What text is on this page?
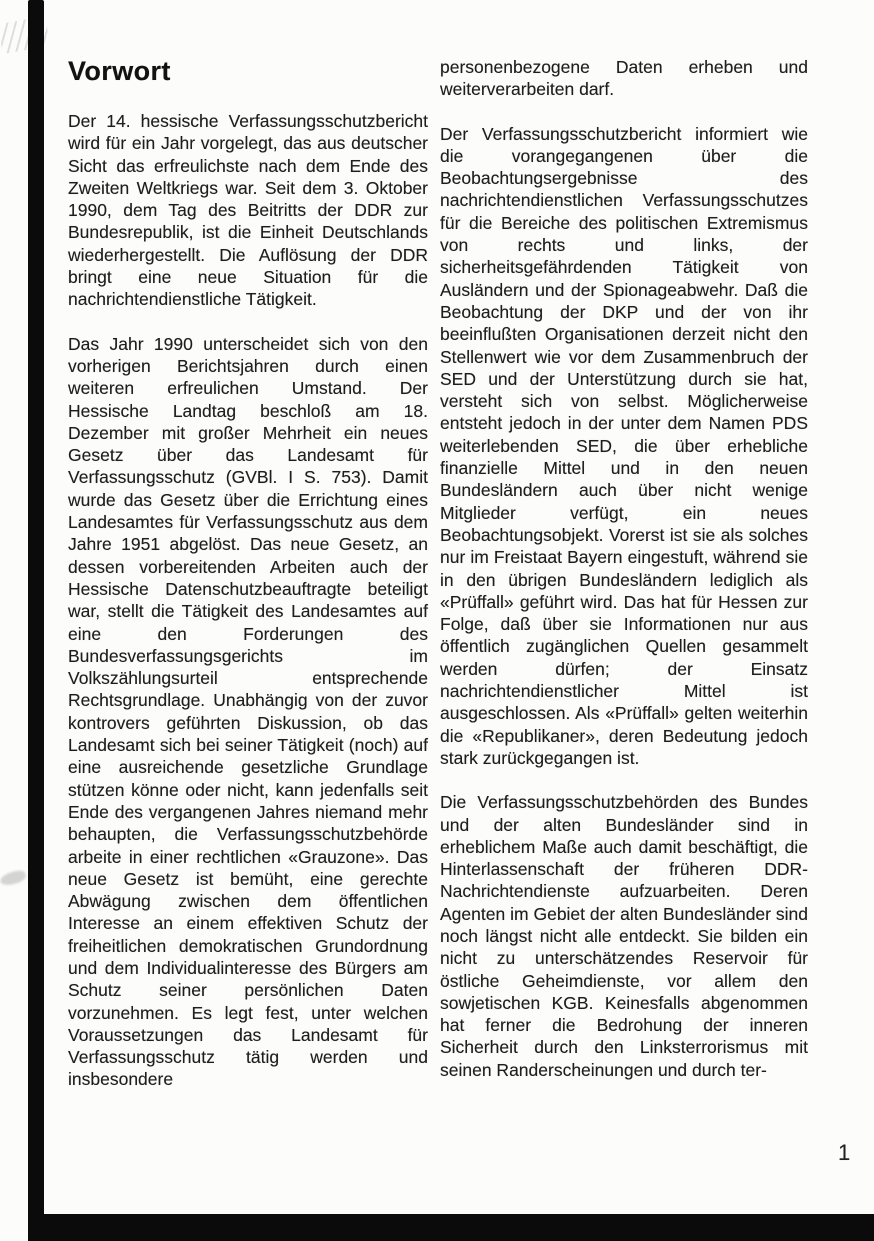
Vorwort

Der 14. hessische Verfassungsschutzbericht wird für ein Jahr vorgelegt, das aus deutscher Sicht das erfreulichste nach dem Ende des Zweiten Weltkriegs war. Seit dem 3. Oktober 1990, dem Tag des Beitritts der DDR zur Bundesrepublik, ist die Einheit Deutschlands wiederhergestellt. Die Auflösung der DDR bringt eine neue Situation für die nachrichtendienstliche Tätigkeit.

Das Jahr 1990 unterscheidet sich von den vorherigen Berichtsjahren durch einen weiteren erfreulichen Umstand. Der Hessische Landtag beschloß am 18. Dezember mit großer Mehrheit ein neues Gesetz über das Landesamt für Verfassungsschutz (GVBl. I S. 753). Damit wurde das Gesetz über die Errichtung eines Landesamtes für Verfassungsschutz aus dem Jahre 1951 abgelöst. Das neue Gesetz, an dessen vorbereitenden Arbeiten auch der Hessische Datenschutzbeauftragte beteiligt war, stellt die Tätigkeit des Landesamtes auf eine den Forderungen des Bundesverfassungsgerichts im Volkszählungsurteil entsprechende Rechtsgrundlage. Unabhängig von der zuvor kontrovers geführten Diskussion, ob das Landesamt sich bei seiner Tätigkeit (noch) auf eine ausreichende gesetzliche Grundlage stützen könne oder nicht, kann jedenfalls seit Ende des vergangenen Jahres niemand mehr behaupten, die Verfassungsschutzbehörde arbeite in einer rechtlichen «Grauzone». Das neue Gesetz ist bemüht, eine gerechte Abwägung zwischen dem öffentlichen Interesse an einem effektiven Schutz der freiheitlichen demokratischen Grundordnung und dem Individualinteresse des Bürgers am Schutz seiner persönlichen Daten vorzunehmen. Es legt fest, unter welchen Voraussetzungen das Landesamt für Verfassungsschutz tätig werden und insbesondere

personenbezogene Daten erheben und weiterverarbeiten darf.

Der Verfassungsschutzbericht informiert wie die vorangegangenen über die Beobachtungsergebnisse des nachrichtendienstlichen Verfassungsschutzes für die Bereiche des politischen Extremismus von rechts und links, der sicherheitsgefährdenden Tätigkeit von Ausländern und der Spionageabwehr. Daß die Beobachtung der DKP und der von ihr beeinflußten Organisationen derzeit nicht den Stellenwert wie vor dem Zusammenbruch der SED und der Unterstützung durch sie hat, versteht sich von selbst. Möglicherweise entsteht jedoch in der unter dem Namen PDS weiterlebenden SED, die über erhebliche finanzielle Mittel und in den neuen Bundesländern auch über nicht wenige Mitglieder verfügt, ein neues Beobachtungsobjekt. Vorerst ist sie als solches nur im Freistaat Bayern eingestuft, während sie in den übrigen Bundesländern lediglich als «Prüffall» geführt wird. Das hat für Hessen zur Folge, daß über sie Informationen nur aus öffentlich zugänglichen Quellen gesammelt werden dürfen; der Einsatz nachrichtendienstlicher Mittel ist ausgeschlossen. Als «Prüffall» gelten weiterhin die «Republikaner», deren Bedeutung jedoch stark zurückgegangen ist.

Die Verfassungsschutzbehörden des Bundes und der alten Bundesländer sind in erheblichem Maße auch damit beschäftigt, die Hinterlassenschaft der früheren DDR-Nachrichtendienste aufzuarbeiten. Deren Agenten im Gebiet der alten Bundesländer sind noch längst nicht alle entdeckt. Sie bilden ein nicht zu unterschätzendes Reservoir für östliche Geheimdienste, vor allem den sowjetischen KGB. Keinesfalls abgenommen hat ferner die Bedrohung der inneren Sicherheit durch den Linksterrorismus mit seinen Randerscheinungen und durch ter-

1
